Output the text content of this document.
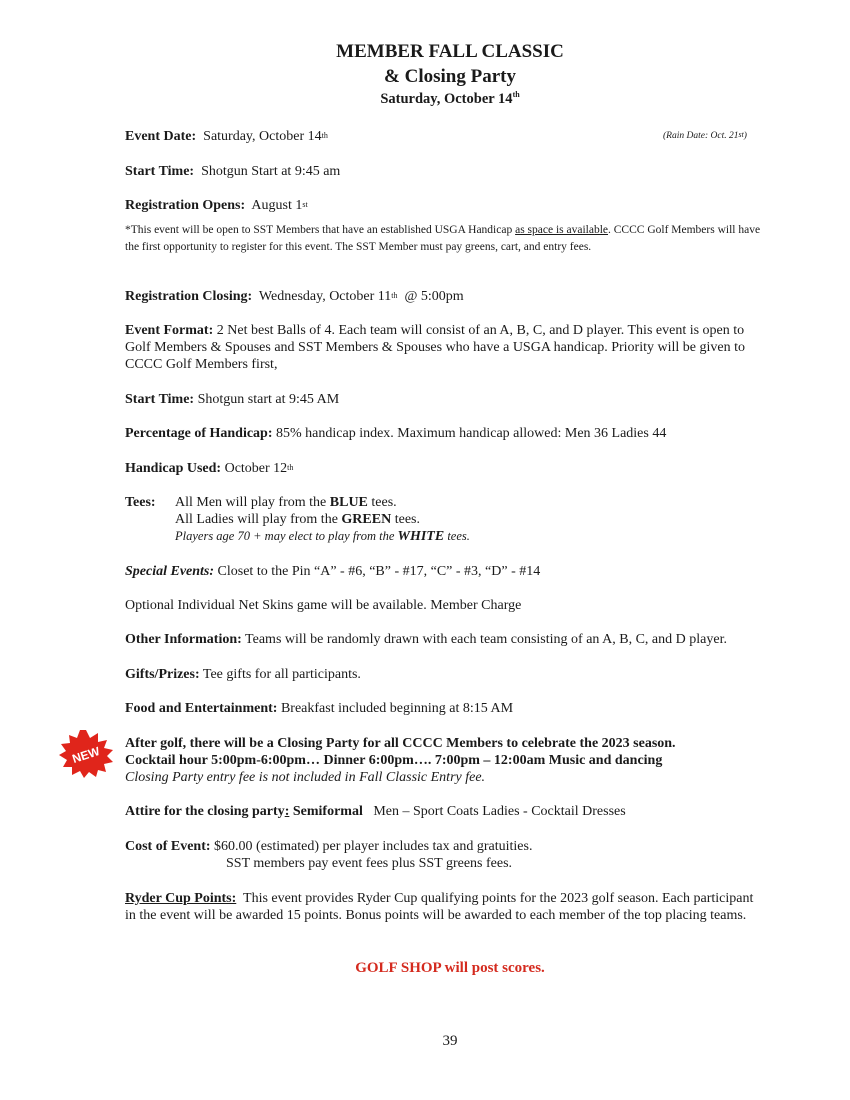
MEMBER FALL CLASSIC
& Closing Party
Saturday, October 14th
Event Date: Saturday, October 14th	(Rain Date: Oct. 21st)
Start Time: Shotgun Start at 9:45 am
Registration Opens: August 1st
*This event will be open to SST Members that have an established USGA Handicap as space is available. CCCC Golf Members will have the first opportunity to register for this event. The SST Member must pay greens, cart, and entry fees.
Registration Closing: Wednesday, October 11th @ 5:00pm
Event Format: 2 Net best Balls of 4. Each team will consist of an A, B, C, and D player. This event is open to Golf Members & Spouses and SST Members & Spouses who have a USGA handicap. Priority will be given to CCCC Golf Members first,
Start Time: Shotgun start at 9:45 AM
Percentage of Handicap: 85% handicap index. Maximum handicap allowed: Men 36 Ladies 44
Handicap Used: October 12th
Tees:	All Men will play from the BLUE tees.
All Ladies will play from the GREEN tees.
Players age 70 + may elect to play from the WHITE tees.
Special Events: Closet to the Pin “A” - #6, “B” - #17, “C” - #3, “D” - #14
Optional Individual Net Skins game will be available. Member Charge
Other Information: Teams will be randomly drawn with each team consisting of an A, B, C, and D player.
Gifts/Prizes: Tee gifts for all participants.
Food and Entertainment: Breakfast included beginning at 8:15 AM
NEW
After golf, there will be a Closing Party for all CCCC Members to celebrate the 2023 season.
Cocktail hour 5:00pm-6:00pm… Dinner 6:00pm…. 7:00pm – 12:00am Music and dancing
Closing Party entry fee is not included in Fall Classic Entry fee.
Attire for the closing party: Semiformal Men – Sport Coats Ladies - Cocktail Dresses
Cost of Event: $60.00 (estimated) per player includes tax and gratuities.
SST members pay event fees plus SST greens fees.
Ryder Cup Points: This event provides Ryder Cup qualifying points for the 2023 golf season. Each participant in the event will be awarded 15 points. Bonus points will be awarded to each member of the top placing teams.
GOLF SHOP will post scores.
39
